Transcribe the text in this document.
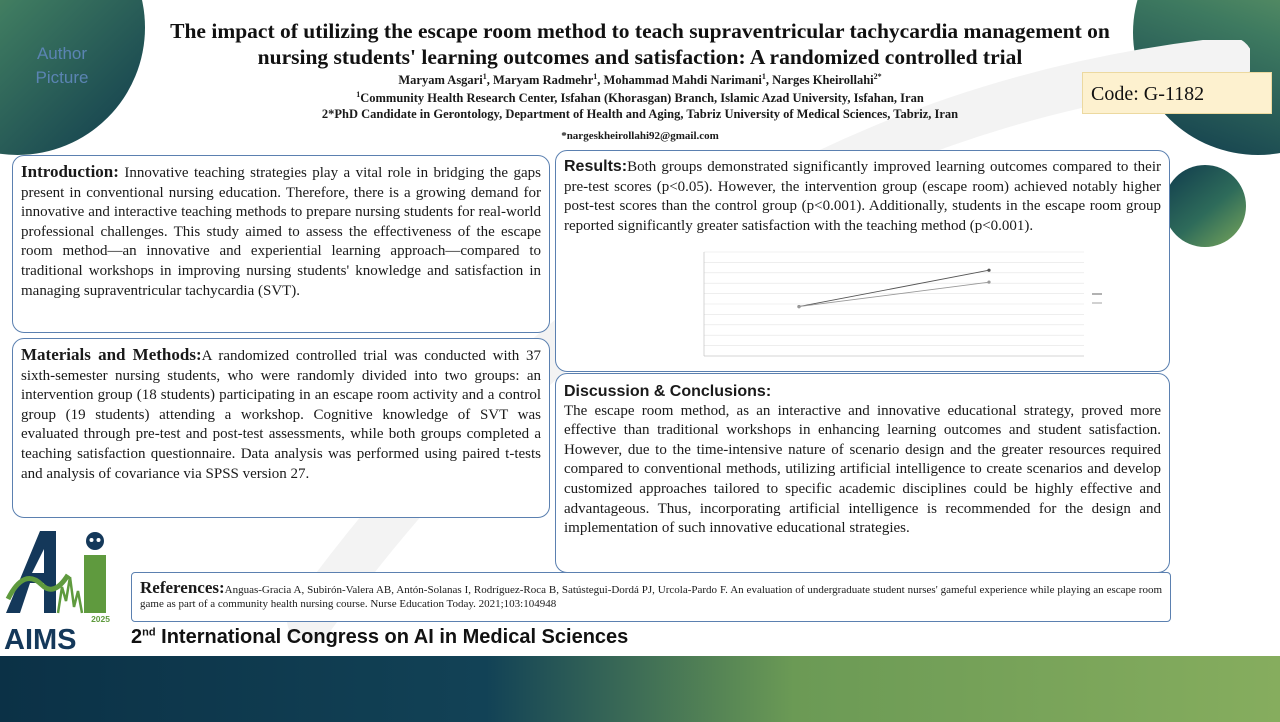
Author Picture
The impact of utilizing the escape room method to teach supraventricular tachycardia management on nursing students' learning outcomes and satisfaction: A randomized controlled trial
Maryam Asgari$^1$, Maryam Radmehr$^1$, Mohammad Mahdi Narimani$^1$, Narges Kheirollahi$^{2*}$
$^1$Community Health Research Center, Isfahan (Khorasgan) Branch, Islamic Azad University, Isfahan, Iran
2*PhD Candidate in Gerontology, Department of Health and Aging, Tabriz University of Medical Sciences, Tabriz, Iran
*nargeskheirollahi92@gmail.com
Code: G-1182
Introduction: Innovative teaching strategies play a vital role in bridging the gaps present in conventional nursing education. Therefore, there is a growing demand for innovative and interactive teaching methods to prepare nursing students for real-world professional challenges. This study aimed to assess the effectiveness of the escape room method—an innovative and experiential learning approach—compared to traditional workshops in improving nursing students' knowledge and satisfaction in managing supraventricular tachycardia (SVT).
Materials and Methods:A randomized controlled trial was conducted with 37 sixth-semester nursing students, who were randomly divided into two groups: an intervention group (18 students) participating in an escape room activity and a control group (19 students) attending a workshop. Cognitive knowledge of SVT was evaluated through pre-test and post-test assessments, while both groups completed a teaching satisfaction questionnaire. Data analysis was performed using paired t-tests and analysis of covariance via SPSS version 27.
Results:Both groups demonstrated significantly improved learning outcomes compared to their pre-test scores (p<0.05). However, the intervention group (escape room) achieved notably higher post-test scores than the control group (p<0.001). Additionally, students in the escape room group reported significantly greater satisfaction with the teaching method (p<0.001).
Discussion & Conclusions:
The escape room method, as an interactive and innovative educational strategy, proved more effective than traditional workshops in enhancing learning outcomes and student satisfaction. However, due to the time-intensive nature of scenario design and the greater resources required compared to conventional methods, utilizing artificial intelligence to create scenarios and develop customized approaches tailored to specific academic disciplines could be highly effective and advantageous. Thus, incorporating artificial intelligence is recommended for the design and implementation of such innovative educational strategies.
References:Anguas-Gracia A, Subirón-Valera AB, Antón-Solanas I, Rodríguez-Roca B, Satústegui-Dordá PJ, Urcola-Pardo F. An evaluation of undergraduate student nurses' gameful experience while playing an escape room game as part of a community health nursing course. Nurse Education Today. 2021;103:104948
2025
AIMS	2nd International Congress on AI in Medical Sciences
